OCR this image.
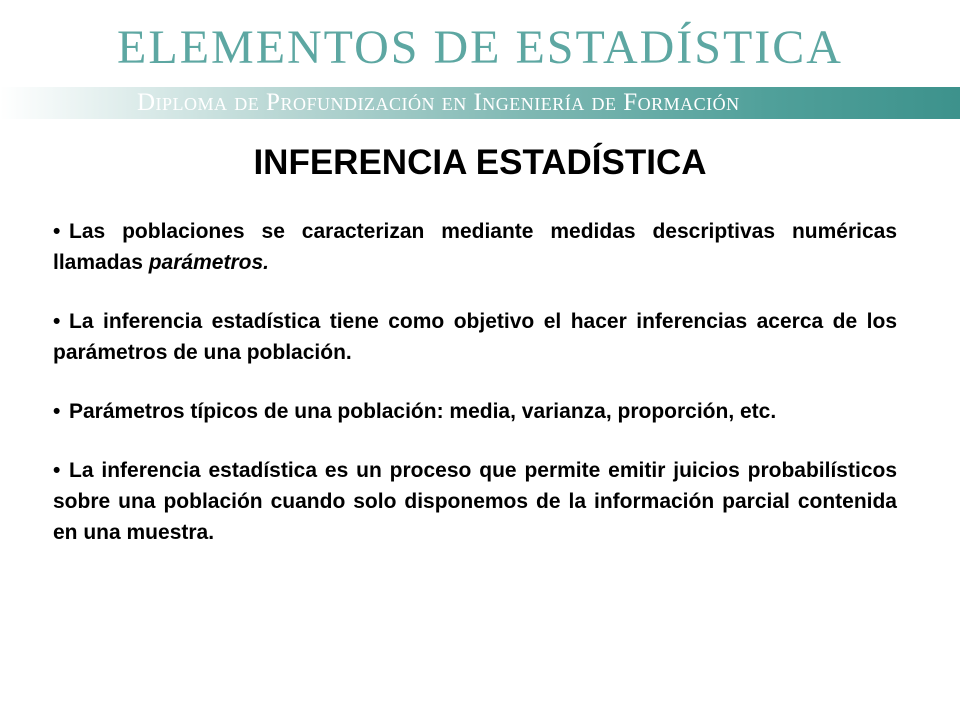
ELEMENTOS DE ESTADÍSTICA
Diploma de Profundización en Ingeniería de Formación
INFERENCIA ESTADÍSTICA
• Las poblaciones se caracterizan mediante medidas descriptivas numéricas llamadas parámetros.
• La inferencia estadística tiene como objetivo el hacer inferencias acerca de los parámetros de una población.
• Parámetros típicos de una población: media, varianza, proporción, etc.
• La inferencia estadística es un proceso que permite emitir juicios probabilísticos sobre una población cuando solo disponemos de la información parcial contenida en una muestra.
